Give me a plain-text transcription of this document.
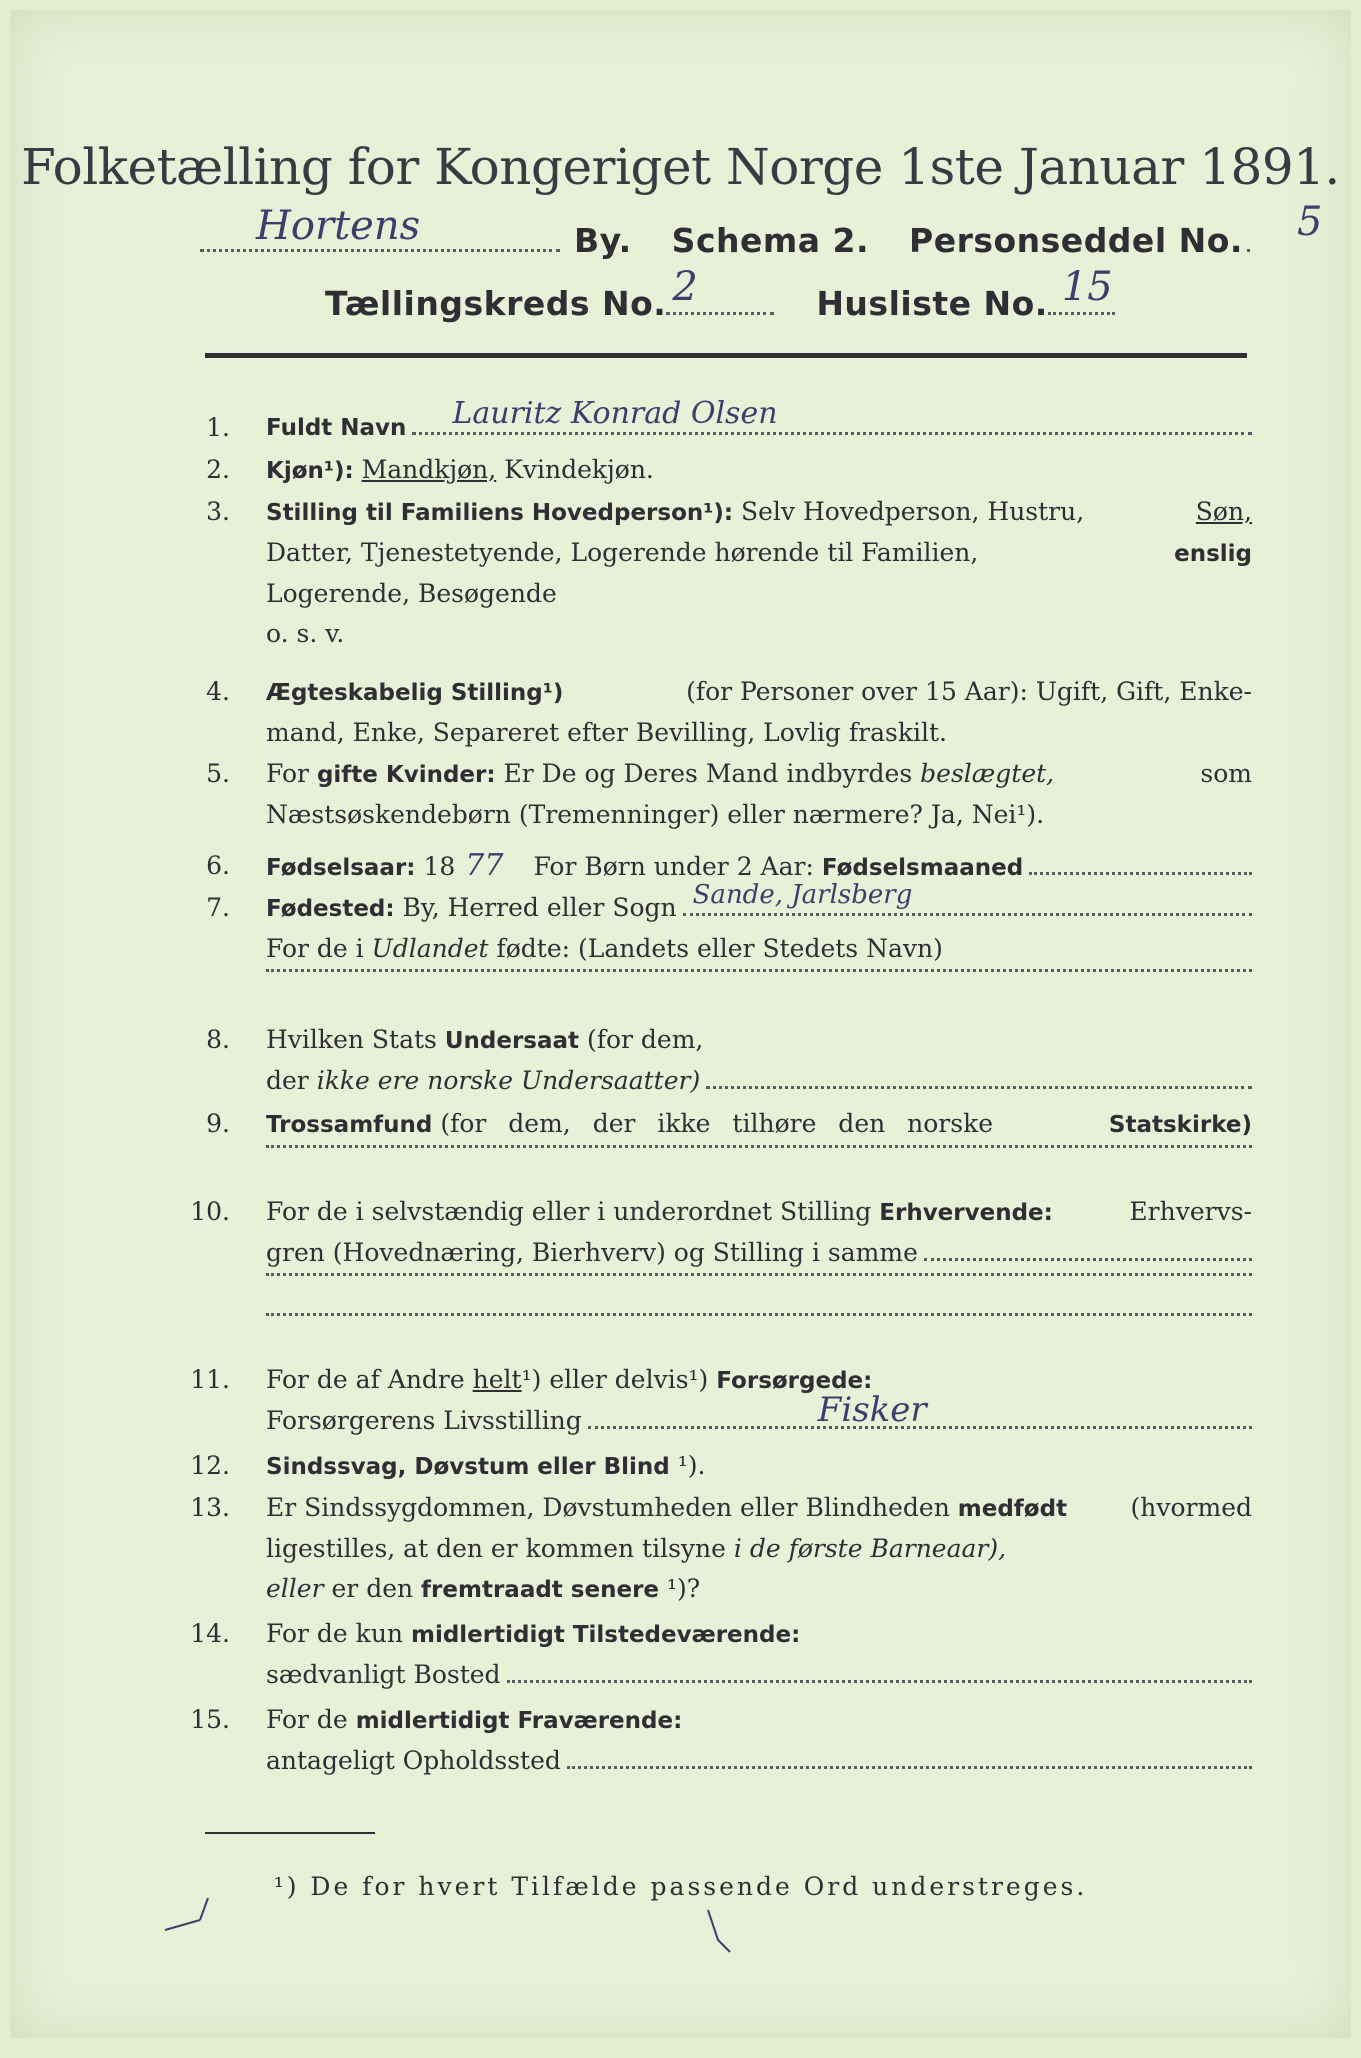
Folketælling for Kongeriget Norge 1ste Januar 1891.
Hortens	By. Schema 2. Personseddel No. 5
Tællingskreds No. 2	Husliste No. 15
1. Fuldt Navn Lauritz Konrad Olsen
2. Kjøn¹):
Mandkjøn,
Kvindekjøn.
3. Stilling til Familiens Hovedperson¹): Selv Hovedperson, Hustru,	Søn,
Datter, Tjenestetyende, Logerende hørende til Familien,	enslig
Logerende, Besøgende
o. s. v.
4. Ægteskabelig Stilling¹)	(for Personer over 15 Aar): Ugift, Gift, Enke-
mand, Enke, Separeret efter Bevilling, Lovlig fraskilt.
5. For gifte Kvinder: Er De og Deres Mand indbyrdes beslægtet,	som
Næstsøskendebørn (Tremenninger) eller nærmere? Ja, Nei¹).
6. Fødselsaar:
18 77 For Børn under 2 Aar:
Fødselsmaaned
7. Fødested:
By, Herred eller Sogn Sande, Jarlsberg
For de i
Udlandet
fødte: (Landets eller Stedets Navn)
8. Hvilken Stats
Undersaat
(for dem,
der
ikke ere norske Undersaatter)
9. Trossamfund (for dem, der ikke tilhøre den norske	Statskirke)
10. For de i selvstændig eller i underordnet Stilling Erhvervende:	Erhvervs-
gren (Hovednæring, Bierhverv) og Stilling i samme
11. For de af Andre
helt ¹) eller delvis¹)
Forsørgede:
Forsørgerens Livsstilling	Fisker
12. Sindssvag, Døvstum eller Blind
¹).
13. Er Sindssygdommen, Døvstumheden eller Blindheden medfødt	(hvormed
ligestilles, at den er kommen tilsyne
i de første Barneaar),
eller
er den
fremtraadt senere
¹)?
14. For de kun
midlertidigt Tilstedeværende:
sædvanligt Bosted
15. For de
midlertidigt Fraværende:
antageligt Opholdssted
¹) De for hvert Tilfælde passende Ord understreges.
